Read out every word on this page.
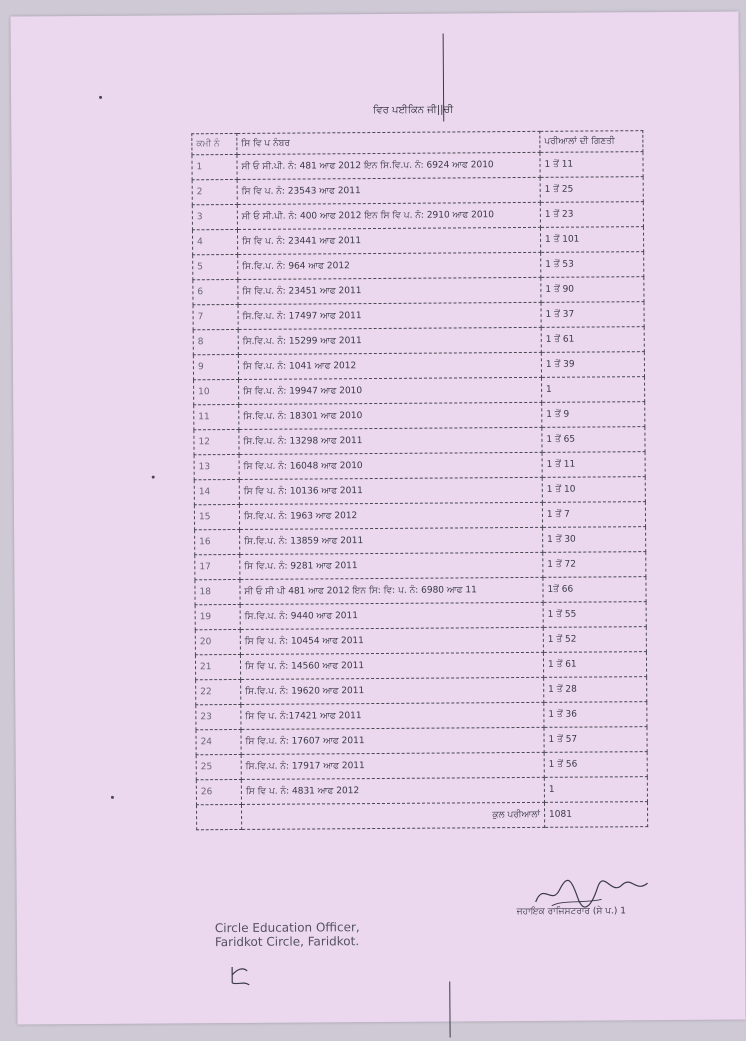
ਵਿਰ ਪਈਕਿਨ ਜੀ||ਚੀ
ਕਮੀ ਨੰ	ਸਿ ਵਿ ਪ ਨੰਬਰ	ਪਰੀਆਲਾਂ ਦੀ ਗਿਣਤੀ
1	ਸੀ ਓ ਸੀ.ਪੀ. ਨੰ: 481 ਆਫ 2012 ਇਨ ਸਿ.ਵਿ.ਪ. ਨੰ: 6924 ਆਫ 2010	1 ਤੋਂ 11
2	ਸਿ ਵਿ ਪ. ਨੰ: 23543 ਆਫ 2011	1 ਤੋਂ 25
3	ਸੀ ਓ ਸੀ.ਪੀ. ਨੰ: 400 ਆਫ 2012 ਇਨ ਸਿ ਵਿ ਪ. ਨੰ: 2910 ਆਫ 2010	1 ਤੋਂ 23
4	ਸਿ ਵਿ ਪ. ਨੰ: 23441 ਆਫ 2011	1 ਤੋਂ 101
5	ਸਿ.ਵਿ.ਪ. ਨੰ: 964 ਆਫ 2012	1 ਤੋਂ 53
6	ਸਿ ਵਿ.ਪ. ਨੰ: 23451 ਆਫ 2011	1 ਤੋਂ 90
7	ਸਿ.ਵਿ.ਪ. ਨੰ: 17497 ਆਫ 2011	1 ਤੋਂ 37
8	ਸਿ.ਵਿ.ਪ. ਨੰ: 15299 ਆਫ 2011	1 ਤੋਂ 61
9	ਸਿ ਵਿ.ਪ. ਨੰ: 1041 ਆਫ 2012	1 ਤੋਂ 39
10	ਸਿ ਵਿ.ਪ. ਨੰ: 19947 ਆਫ 2010	1
11	ਸਿ.ਵਿ.ਪ. ਨੰ: 18301 ਆਫ 2010	1 ਤੋਂ 9
12	ਸਿ.ਵਿ.ਪ. ਨੰ: 13298 ਆਫ 2011	1 ਤੋਂ 65
13	ਸਿ ਵਿ.ਪ. ਨੰ: 16048 ਆਫ 2010	1 ਤੋਂ 11
14	ਸਿ ਵਿ ਪ. ਨੰ: 10136 ਆਫ 2011	1 ਤੋਂ 10
15	ਸਿ.ਵਿ.ਪ. ਨੰ: 1963 ਆਫ 2012	1 ਤੋਂ 7
16	ਸਿ.ਵਿ.ਪ. ਨੰ: 13859 ਆਫ 2011	1 ਤੋਂ 30
17	ਸਿ ਵਿ.ਪ. ਨੰ: 9281 ਆਫ 2011	1 ਤੋਂ 72
18	ਸੀ ਓ ਸੀ ਪੀ 481 ਆਫ 2012 ਇਨ ਸਿ: ਵਿ: ਪ. ਨੰ: 6980 ਆਫ 11	1ਤੋਂ 66
19	ਸਿ.ਵਿ.ਪ. ਨੰ: 9440 ਆਫ 2011	1 ਤੋਂ 55
20	ਸਿ ਵਿ ਪ. ਨੰ: 10454 ਆਫ 2011	1 ਤੋਂ 52
21	ਸਿ ਵਿ ਪ. ਨੰ: 14560 ਆਫ 2011	1 ਤੋਂ 61
22	ਸਿ.ਵਿ.ਪ. ਨੰ: 19620 ਆਫ 2011	1 ਤੋਂ 28
23	ਸਿ ਵਿ ਪ. ਨੰ:17421 ਆਫ 2011	1 ਤੋਂ 36
24	ਸਿ ਵਿ.ਪ. ਨੰ: 17607 ਆਫ 2011	1 ਤੋਂ 57
25	ਸਿ.ਵਿ.ਪ. ਨੰ: 17917 ਆਫ 2011	1 ਤੋਂ 56
26	ਸਿ ਵਿ ਪ. ਨੰ: 4831 ਆਫ 2012	1
	ਕੁਲ ਪਰੀਆਲਾਂ	1081
ਜਹਾਇਕ ਰਾਜਿਸਟਰਾਰ (ਸੇ ਪ.) 1
Circle Education Officer,
Faridkot Circle, Faridkot.
